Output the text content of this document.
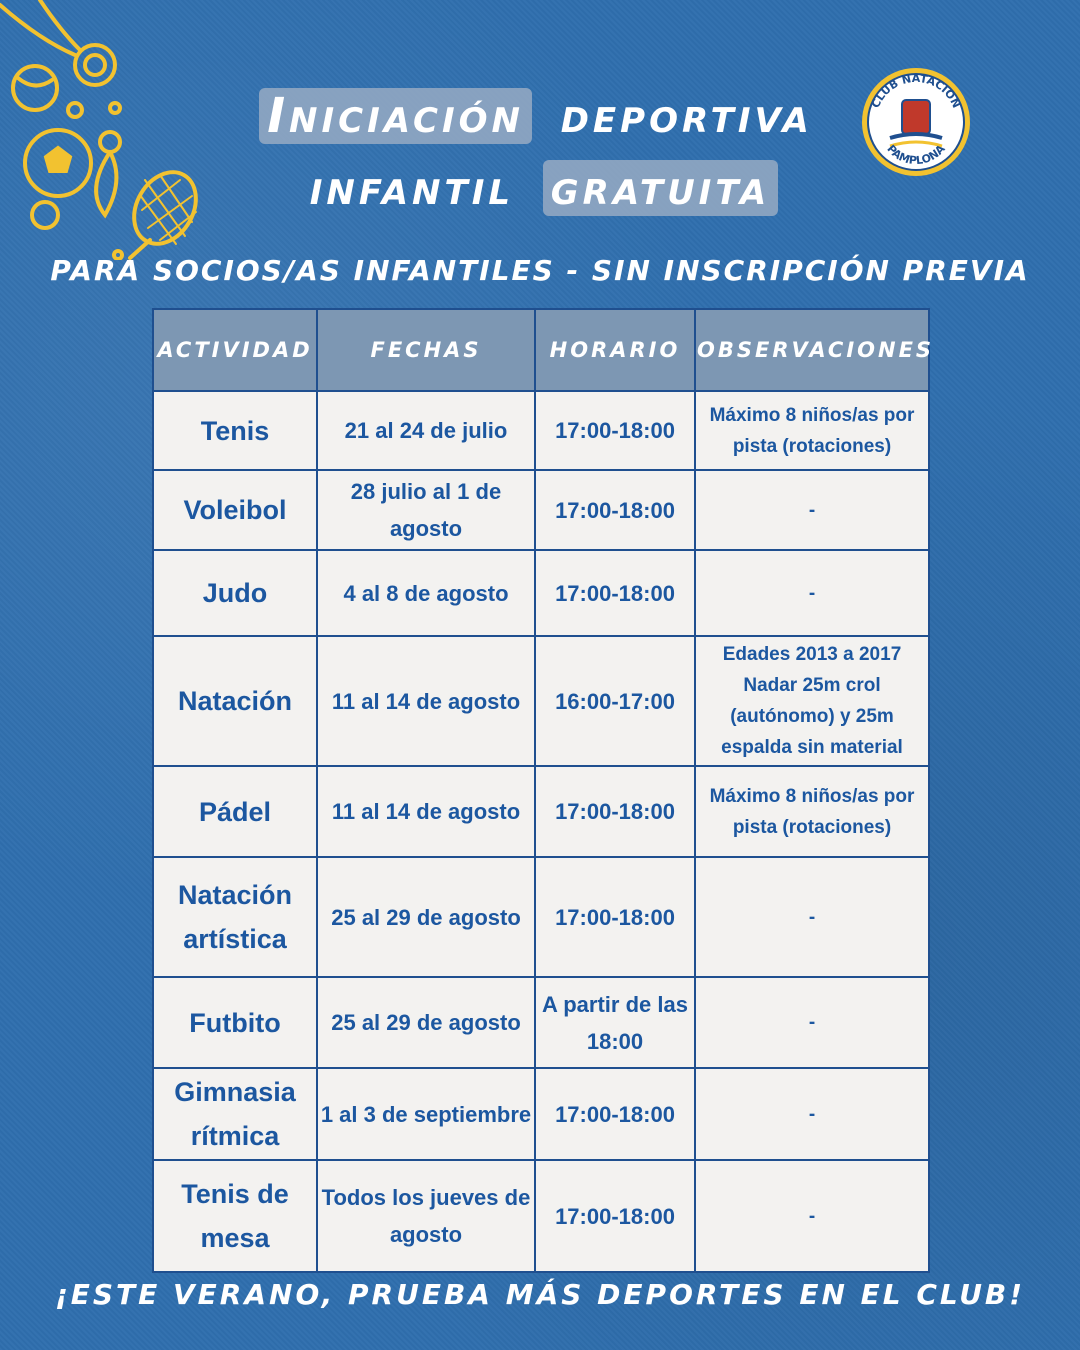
Iniciación deportiva
infantil gratuita
CLUB NATACION
PAMPLONA
PARA SOCIOS/AS INFANTILES - SIN INSCRIPCIÓN PREVIA
ACTIVIDAD	FECHAS	HORARIO	OBSERVACIONES
Tenis	21 al 24 de julio	17:00-18:00	Máximo 8 niños/as por pista (rotaciones)
Voleibol	28 julio al 1 de agosto	17:00-18:00	-
Judo	4 al 8 de agosto	17:00-18:00	-
Natación	11 al 14 de agosto	16:00-17:00	Edades 2013 a 2017 Nadar 25m crol (autónomo) y 25m espalda sin material
Pádel	11 al 14 de agosto	17:00-18:00	Máximo 8 niños/as por pista (rotaciones)
Natación artística	25 al 29 de agosto	17:00-18:00	-
Futbito	25 al 29 de agosto	A partir de las 18:00	-
Gimnasia rítmica	1 al 3 de septiembre	17:00-18:00	-
Tenis de mesa	Todos los jueves de agosto	17:00-18:00	-
¡ESTE VERANO, PRUEBA MÁS DEPORTES EN EL CLUB!
